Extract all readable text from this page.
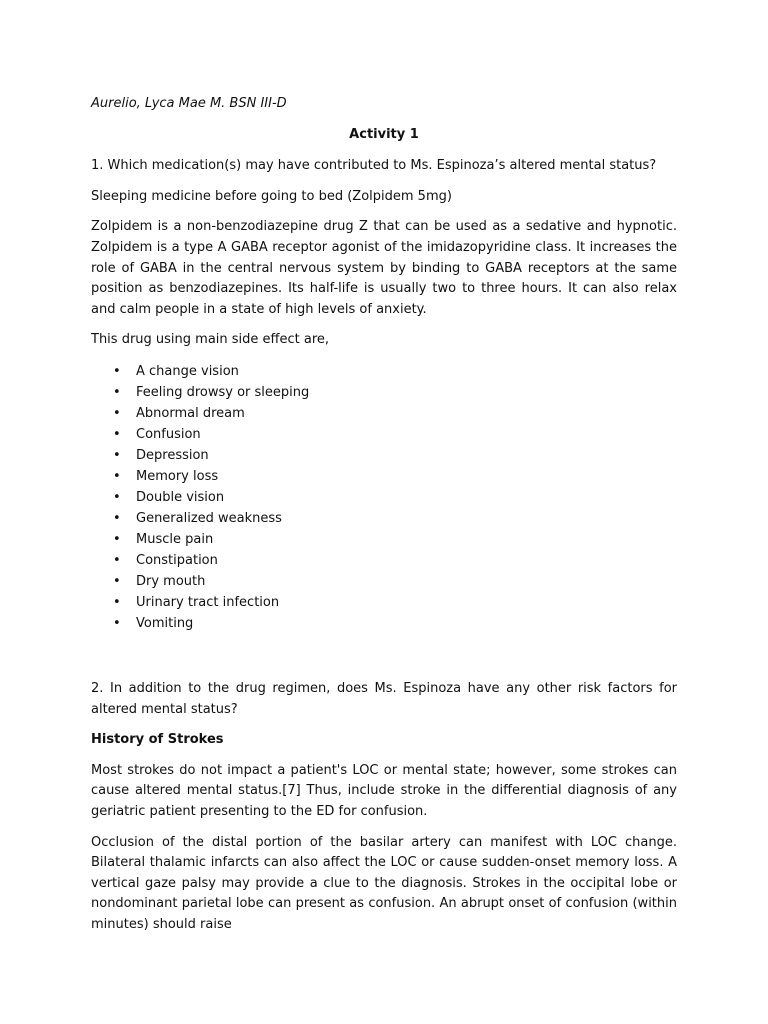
Aurelio, Lyca Mae M. BSN III-D

Activity 1

1. Which medication(s) may have contributed to Ms. Espinoza’s altered mental status?

Sleeping medicine before going to bed (Zolpidem 5mg)

Zolpidem is a non-benzodiazepine drug Z that can be used as a sedative and hypnotic. Zolpidem is a type A GABA receptor agonist of the imidazopyridine class. It increases the role of GABA in the central nervous system by binding to GABA receptors at the same position as benzodiazepines. Its half-life is usually two to three hours. It can also relax and calm people in a state of high levels of anxiety.

This drug using main side effect are,

• A change vision
• Feeling drowsy or sleeping
• Abnormal dream
• Confusion
• Depression
• Memory loss
• Double vision
• Generalized weakness
• Muscle pain
• Constipation
• Dry mouth
• Urinary tract infection
• Vomiting

2. In addition to the drug regimen, does Ms. Espinoza have any other risk factors for altered mental status?

History of Strokes

Most strokes do not impact a patient's LOC or mental state; however, some strokes can cause altered mental status.[7] Thus, include stroke in the differential diagnosis of any geriatric patient presenting to the ED for confusion.

Occlusion of the distal portion of the basilar artery can manifest with LOC change. Bilateral thalamic infarcts can also affect the LOC or cause sudden-onset memory loss. A vertical gaze palsy may provide a clue to the diagnosis. Strokes in the occipital lobe or nondominant parietal lobe can present as confusion. An abrupt onset of confusion (within minutes) should raise
